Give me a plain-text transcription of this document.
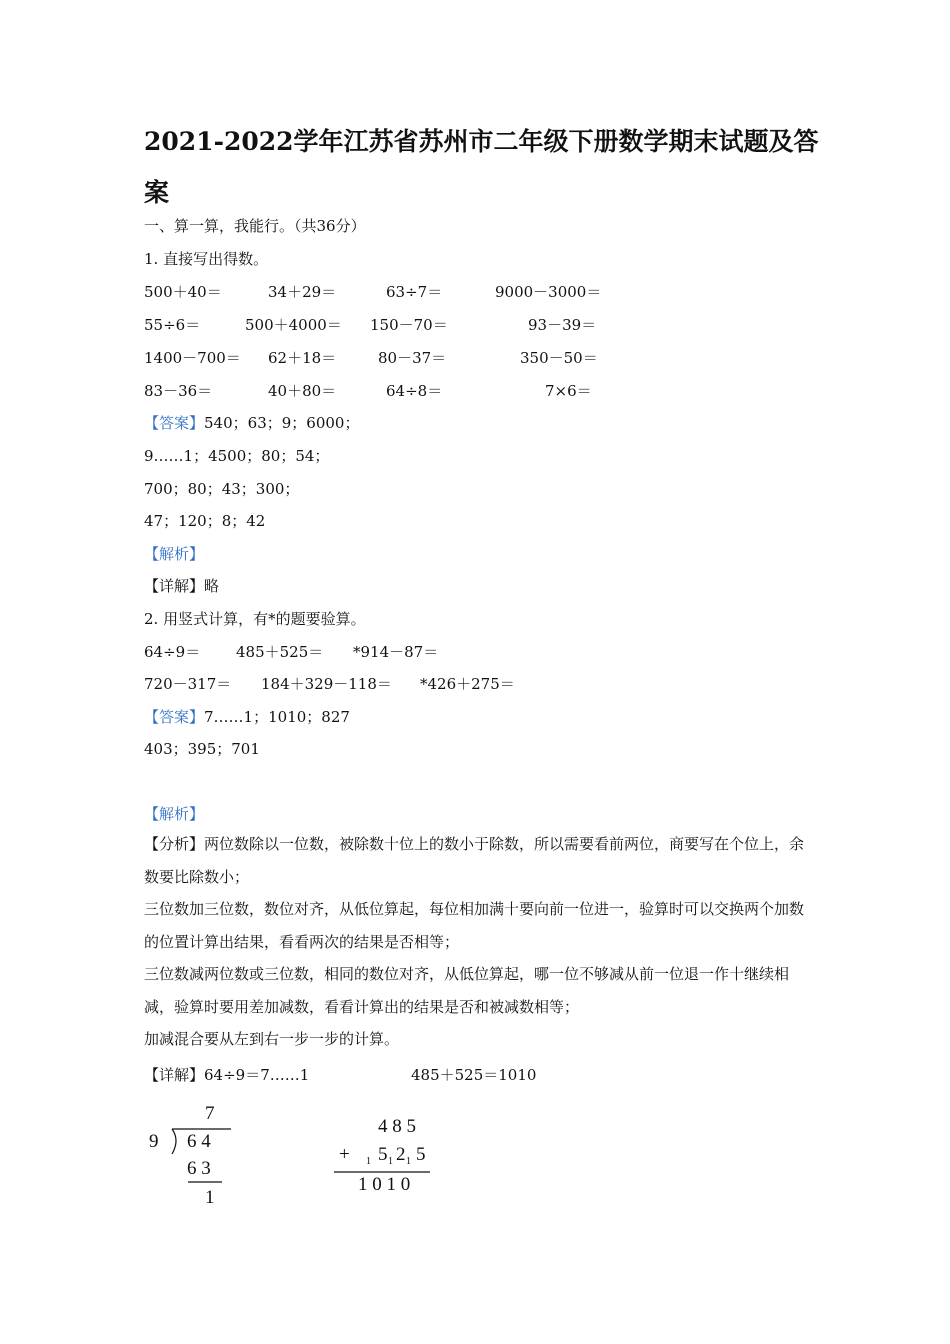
2021-2022学年江苏省苏州市二年级下册数学期末试题及答案
一、算一算，我能行。（共36分）
1. 直接写出得数。
500＋40＝	34＋29＝	63÷7＝	9000－3000＝
55÷6＝	500＋4000＝ 150－70＝	93－39＝
1400－700＝ 62＋18＝	80－37＝	350－50＝
83－36＝	40＋80＝	64÷8＝	7×6＝
【答案】540；63；9；6000；
9……1；4500；80；54；
700；80；43；300；
47；120；8；42
【解析】
【详解】略
2. 用竖式计算，有*的题要验算。
64÷9＝ 485＋525＝ *914－87＝
720－317＝ 184＋329－118＝ *426＋275＝
【答案】7……1；1010；827
403；395；701
【解析】

【分析】两位数除以一位数，被除数十位上的数小于除数，所以需要看前两位，商要写在个位上，余数要比除数小；

三位数加三位数，数位对齐，从低位算起，每位相加满十要向前一位进一，验算时可以交换两个加数的位置计算出结果，看看两次的结果是否相等；

三位数减两位数或三位数，相同的数位对齐，从低位算起，哪一位不够减从前一位退一作十继续相减，验算时要用差加减数，看看计算出的结果是否和被减数相等；

加减混合要从左到右一步一步的计算。

【详解】64÷9＝7……1	485＋525＝1010
7
9 6 4
6 3
1
4 8 5
+ 1 5 1 2 1 5
1 0 1 0
